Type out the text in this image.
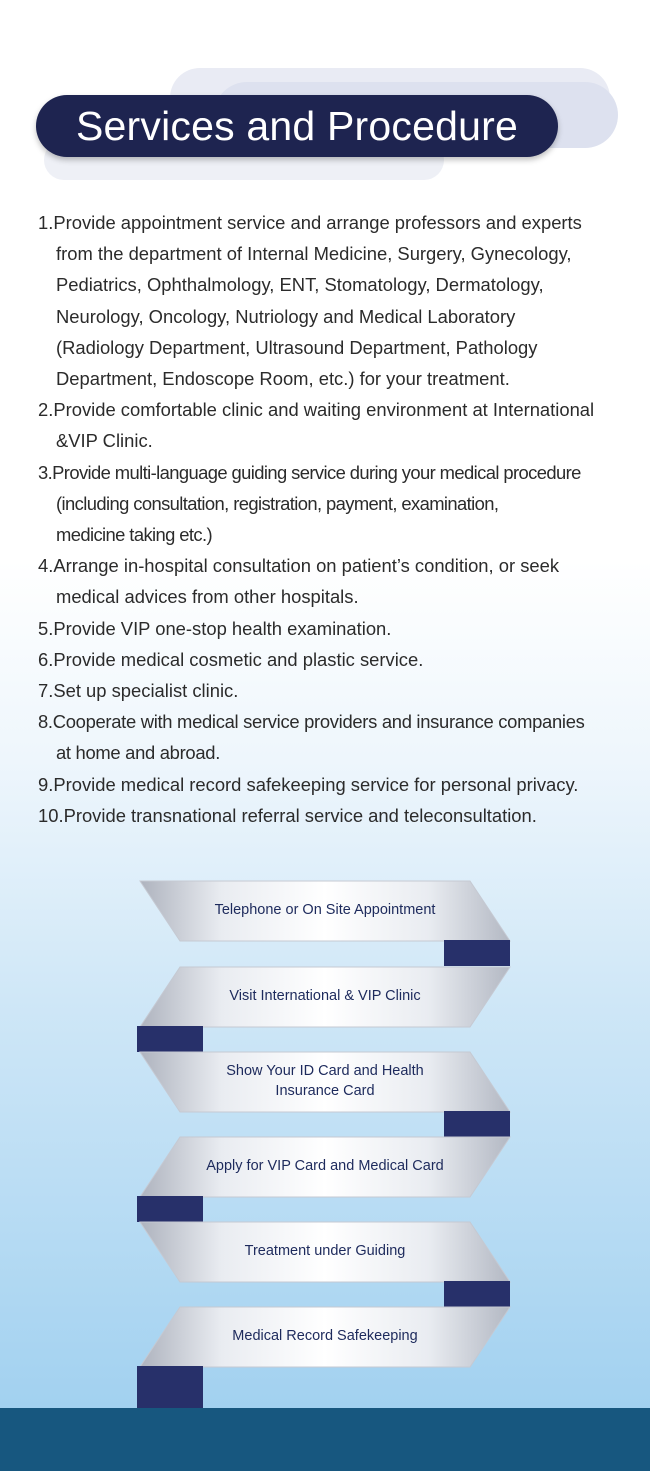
Services and Procedure
1.Provide appointment service and arrange professors and experts
from the department of Internal Medicine, Surgery, Gynecology,
Pediatrics, Ophthalmology, ENT, Stomatology, Dermatology,
Neurology, Oncology, Nutriology and Medical Laboratory
(Radiology Department, Ultrasound Department, Pathology
Department, Endoscope Room, etc.) for your treatment.
2.Provide comfortable clinic and waiting environment at International
&VIP Clinic.
3.Provide multi-language guiding service during your medical procedure
(including consultation, registration, payment, examination,
medicine taking etc.)
4.Arrange in-hospital consultation on patient’s condition, or seek
medical advices from other hospitals.
5.Provide VIP one-stop health examination.
6.Provide medical cosmetic and plastic service.
7.Set up specialist clinic.
8.Cooperate with medical service providers and insurance companies
at home and abroad.
9.Provide medical record safekeeping service for personal privacy.
10.Provide transnational referral service and teleconsultation.
Telephone or On Site Appointment
Visit International & VIP Clinic
Show Your ID Card and Health Insurance Card
Apply for VIP Card and Medical Card
Treatment under Guiding
Medical Record Safekeeping
